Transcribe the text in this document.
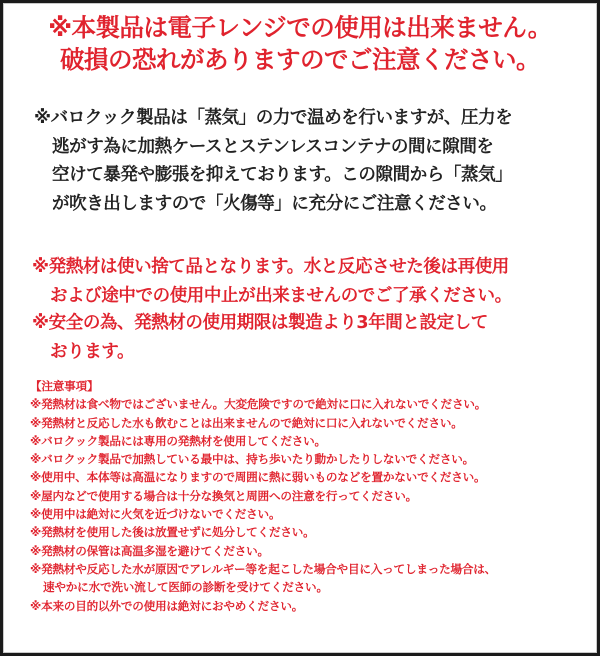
※本製品は電子レンジでの使用は出来ません。
破損の恐れがありますのでご注意ください。
※バロクック製品は「蒸気」の力で温めを行いますが、圧力を
逃がす為に加熱ケースとステンレスコンテナの間に隙間を
空けて暴発や膨張を抑えております。この隙間から「蒸気」
が吹き出しますので「火傷等」に充分にご注意ください。
※発熱材は使い捨て品となります。水と反応させた後は再使用
および途中での使用中止が出来ませんのでご了承ください。
※安全の為、発熱材の使用期限は製造より3年間と設定して
おります。
【注意事項】
※発熱材は食べ物ではございません。大変危険ですので絶対に口に入れないでください。
※発熱材と反応した水も飲むことは出来ませんので絶対に口に入れないでください。
※バロクック製品には専用の発熱材を使用してください。
※バロクック製品で加熱している最中は、持ち歩いたり動かしたりしないでください。
※使用中、本体等は高温になりますので周囲に熱に弱いものなどを置かないでください。
※屋内などで使用する場合は十分な換気と周囲への注意を行ってください。
※使用中は絶対に火気を近づけないでください。
※発熱材を使用した後は放置せずに処分してください。
※発熱材の保管は高温多湿を避けてください。
※発熱材や反応した水が原因でアレルギー等を起こした場合や目に入ってしまった場合は、
速やかに水で洗い流して医師の診断を受けてください。
※本来の目的以外での使用は絶対におやめください。
